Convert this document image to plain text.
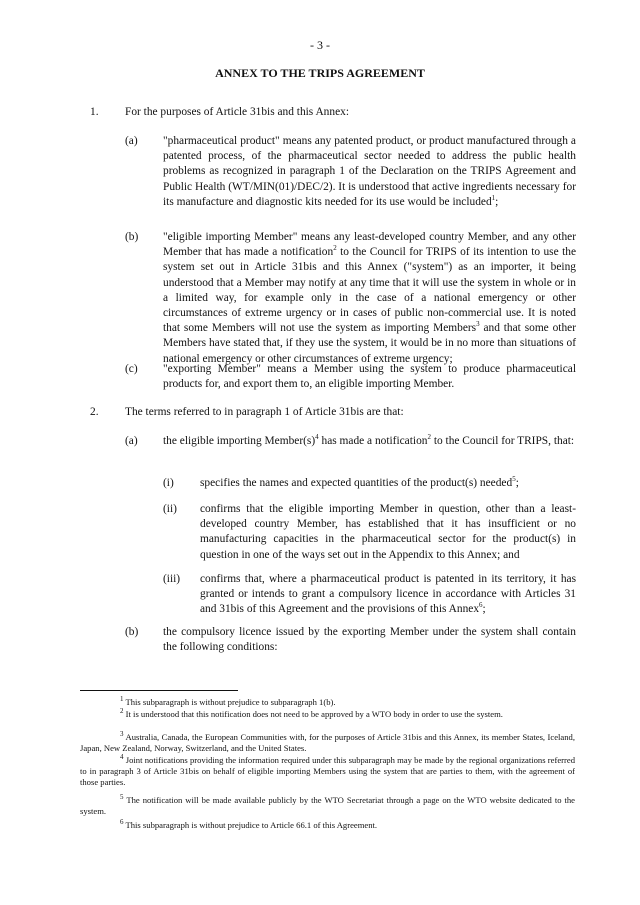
- 3 -
ANNEX TO THE TRIPS AGREEMENT
1. For the purposes of Article 31bis and this Annex:
(a) "pharmaceutical product" means any patented product, or product manufactured through a patented process, of the pharmaceutical sector needed to address the public health problems as recognized in paragraph 1 of the Declaration on the TRIPS Agreement and Public Health (WT/MIN(01)/DEC/2). It is understood that active ingredients necessary for its manufacture and diagnostic kits needed for its use would be included$^1$;
(b) "eligible importing Member" means any least-developed country Member, and any other Member that has made a notification$^2$ to the Council for TRIPS of its intention to use the system set out in Article 31bis and this Annex ("system") as an importer, it being understood that a Member may notify at any time that it will use the system in whole or in a limited way, for example only in the case of a national emergency or other circumstances of extreme urgency or in cases of public non-commercial use. It is noted that some Members will not use the system as importing Members$^3$ and that some other Members have stated that, if they use the system, it would be in no more than situations of national emergency or other circumstances of extreme urgency;
(c) "exporting Member" means a Member using the system to produce pharmaceutical products for, and export them to, an eligible importing Member.
2. The terms referred to in paragraph 1 of Article 31bis are that:
(a) the eligible importing $Member(s)^4$ has made a notification$^2$ to the Council for TRIPS, that:
(i) specifies the names and expected quantities of the product(s) needed$^5$;
(ii) confirms that the eligible importing Member in question, other than a least-developed country Member, has established that it has insufficient or no manufacturing capacities in the pharmaceutical sector for the product(s) in question in one of the ways set out in the Appendix to this Annex; and
(iii) confirms that, where a pharmaceutical product is patented in its territory, it has granted or intends to grant a compulsory licence in accordance with Articles 31 and 31bis of this Agreement and the provisions of this Annex$^6$;
(b) the compulsory licence issued by the exporting Member under the system shall contain the following conditions:
$^1$ This subparagraph is without prejudice to subparagraph 1(b).
$^2$ It is understood that this notification does not need to be approved by a WTO body in order to use the system.
$^3$ Australia, Canada, the European Communities with, for the purposes of Article 31bis and this Annex, its member States, Iceland, Japan, New Zealand, Norway, Switzerland, and the United States.
$^4$ Joint notifications providing the information required under this subparagraph may be made by the regional organizations referred to in paragraph 3 of Article 31bis on behalf of eligible importing Members using the system that are parties to them, with the agreement of those parties.
$^5$ The notification will be made available publicly by the WTO Secretariat through a page on the WTO website dedicated to the system.
$^6$ This subparagraph is without prejudice to Article 66.1 of this Agreement.
